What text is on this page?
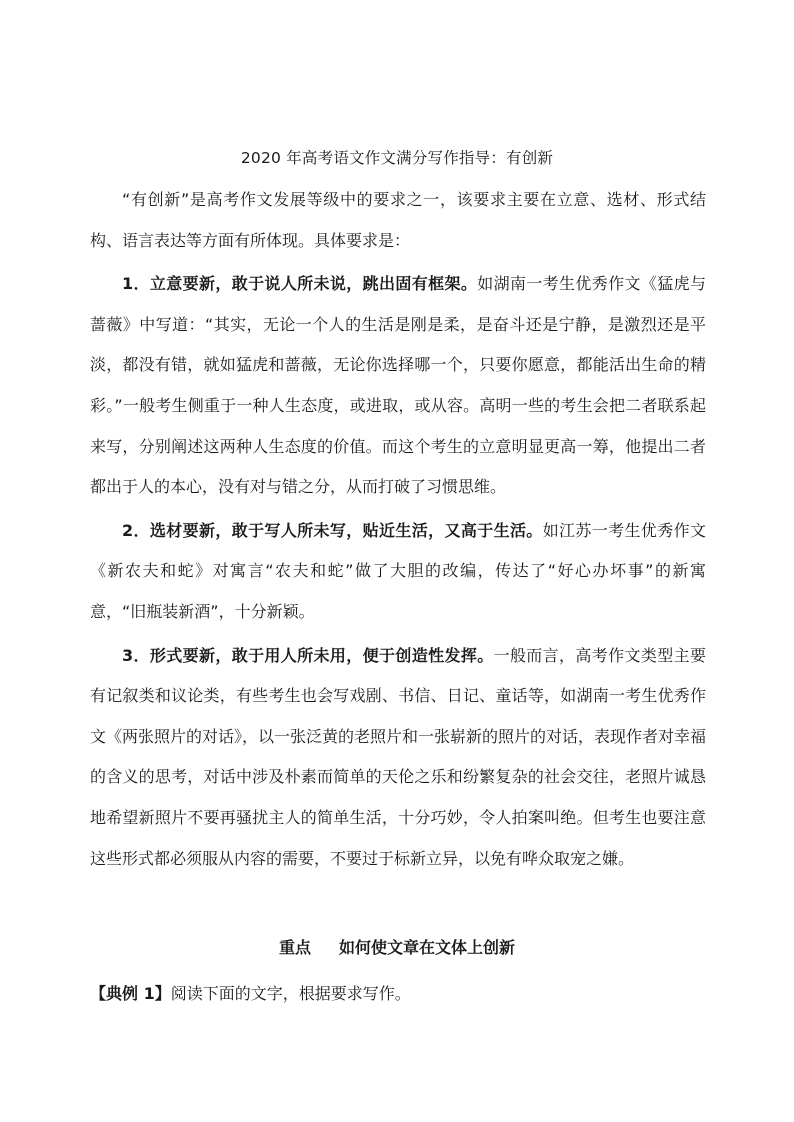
2020 年高考语文作文满分写作指导：有创新

“有创新”是高考作文发展等级中的要求之一，该要求主要在立意、选材、形式结构、语言表达等方面有所体现。具体要求是：

1．立意要新，敢于说人所未说，跳出固有框架。如湖南一考生优秀作文《猛虎与蔷薇》中写道：“其实，无论一个人的生活是刚是柔，是奋斗还是宁静，是激烈还是平淡，都没有错，就如猛虎和蔷薇，无论你选择哪一个，只要你愿意，都能活出生命的精彩。”一般考生侧重于一种人生态度，或进取，或从容。高明一些的考生会把二者联系起来写，分别阐述这两种人生态度的价值。而这个考生的立意明显更高一筹，他提出二者都出于人的本心，没有对与错之分，从而打破了习惯思维。

2．选材要新，敢于写人所未写，贴近生活，又高于生活。如江苏一考生优秀作文《新农夫和蛇》对寓言“农夫和蛇”做了大胆的改编，传达了“好心办坏事”的新寓意，“旧瓶装新酒”，十分新颖。

3．形式要新，敢于用人所未用，便于创造性发挥。一般而言，高考作文类型主要有记叙类和议论类，有些考生也会写戏剧、书信、日记、童话等，如湖南一考生优秀作文《两张照片的对话》，以一张泛黄的老照片和一张崭新的照片的对话，表现作者对幸福的含义的思考，对话中涉及朴素而简单的天伦之乐和纷繁复杂的社会交往，老照片诚恳地希望新照片不要再骚扰主人的简单生活，十分巧妙，令人拍案叫绝。但考生也要注意这些形式都必须服从内容的需要，不要过于标新立异，以免有哗众取宠之嫌。

重点 如何使文章在文体上创新
【典例 1】阅读下面的文字，根据要求写作。
